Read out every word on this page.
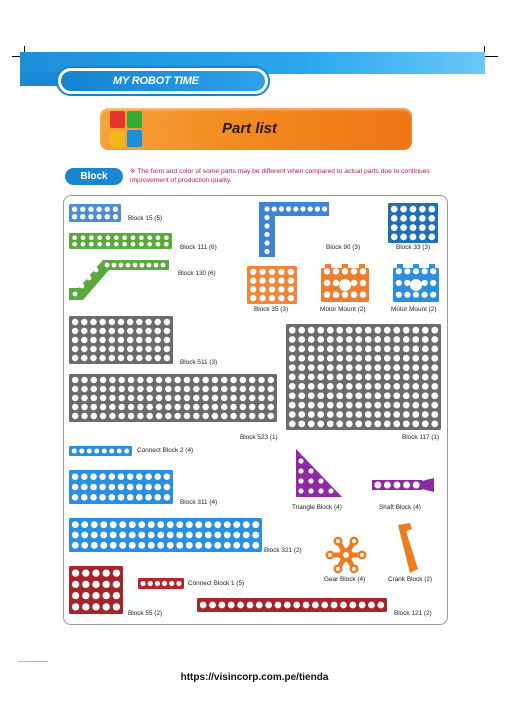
MY ROBOT TIME
Part list
Block	※ The form and color of some parts may be different when compared to actual parts due to continues improvement of production quality.
Block 15 (5)
Block 111 (6)
Block 130 (6)
Block 90 (3)	Block 33 (3)
Block 35 (3)	Motor Mount (2)	Motor Mount (2)
Block 511 (3)
Block 523 (1)	Block 117 (1)
Connect Block 2 (4)
Triangle Block (4)	Shaft Block (4)
Block 311 (4)
Block 321 (2)
Gear Block (4)	Crank Block (2)
Connect Block 1 (5)
Block 55 (2)	Block 121 (2)
https://visincorp.com.pe/tienda
